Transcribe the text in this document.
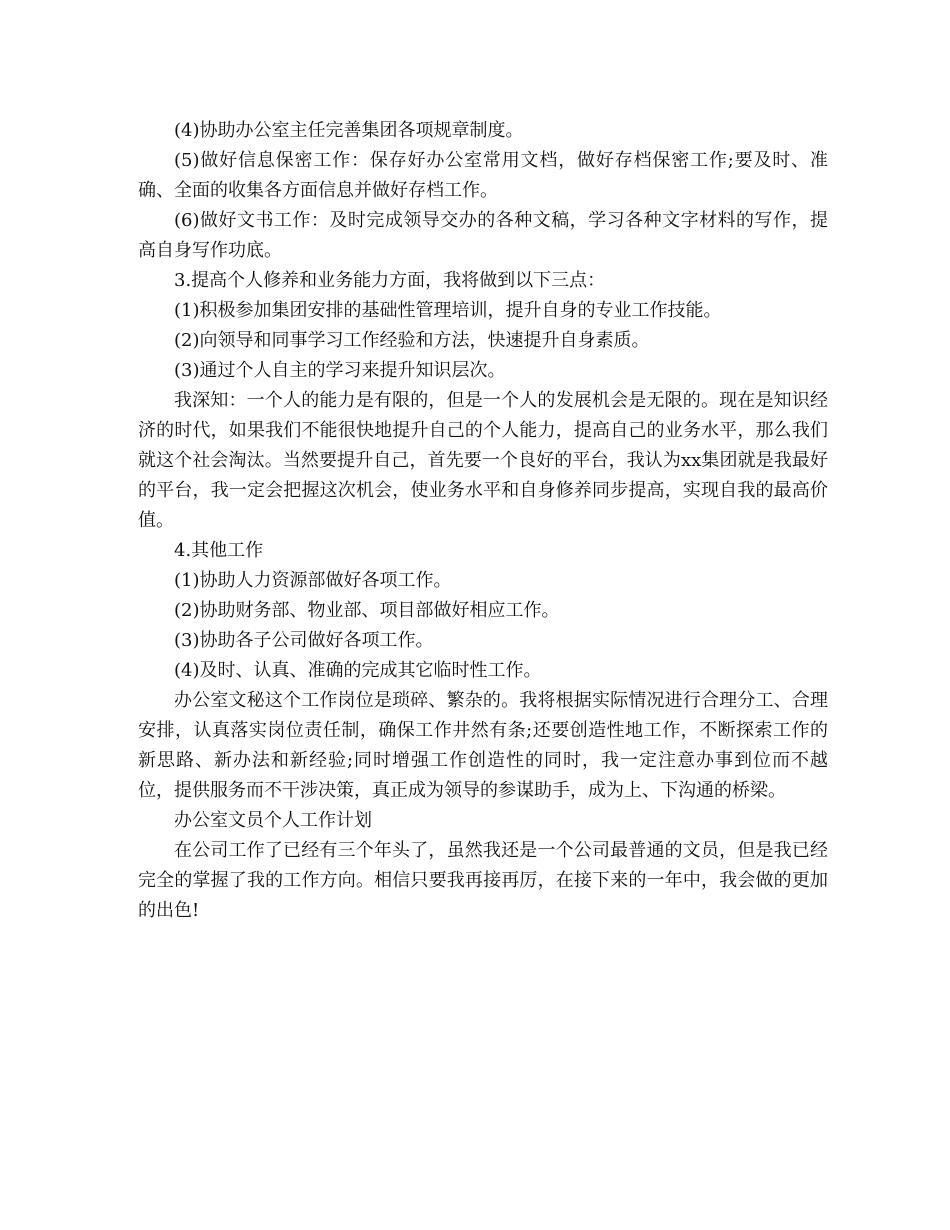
(4)协助办公室主任完善集团各项规章制度。

(5)做好信息保密工作：保存好办公室常用文档，做好存档保密工作;要及时、准确、全面的收集各方面信息并做好存档工作。

(6)做好文书工作：及时完成领导交办的各种文稿，学习各种文字材料的写作，提高自身写作功底。

3.提高个人修养和业务能力方面，我将做到以下三点：

(1)积极参加集团安排的基础性管理培训，提升自身的专业工作技能。

(2)向领导和同事学习工作经验和方法，快速提升自身素质。

(3)通过个人自主的学习来提升知识层次。

我深知：一个人的能力是有限的，但是一个人的发展机会是无限的。现在是知识经济的时代，如果我们不能很快地提升自己的个人能力，提高自己的业务水平，那么我们就这个社会淘汰。当然要提升自己，首先要一个良好的平台，我认为xx集团就是我最好的平台，我一定会把握这次机会，使业务水平和自身修养同步提高，实现自我的最高价值。

4.其他工作

(1)协助人力资源部做好各项工作。

(2)协助财务部、物业部、项目部做好相应工作。

(3)协助各子公司做好各项工作。

(4)及时、认真、准确的完成其它临时性工作。

办公室文秘这个工作岗位是琐碎、繁杂的。我将根据实际情况进行合理分工、合理安排，认真落实岗位责任制，确保工作井然有条;还要创造性地工作，不断探索工作的新思路、新办法和新经验;同时增强工作创造性的同时，我一定注意办事到位而不越位，提供服务而不干涉决策，真正成为领导的参谋助手，成为上、下沟通的桥梁。

办公室文员个人工作计划

在公司工作了已经有三个年头了，虽然我还是一个公司最普通的文员，但是我已经完全的掌握了我的工作方向。相信只要我再接再厉，在接下来的一年中，我会做的更加的出色!
